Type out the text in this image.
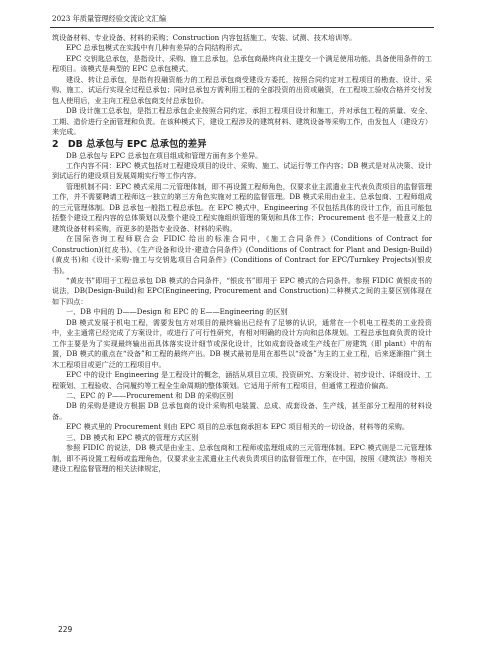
2023 年质量管理经验交流论文汇编

筑设备材料、专业设备、材料的采购；Construction 内容包括施工、安装、试测、技术培训等。

EPC 总承包模式在实践中有几种有差异的合同结构形式。

EPC 交钥匙总承包，是指设计、采购、施工总承包，总承包商最终向业主提交一个满足使用功能、具备使用条件的工程项目。该模式是典型的 EPC 总承包模式。

建设、转让总承包，是指有投融资能力的工程总承包商受建设方委托，按照合同约定对工程项目的勘查、设计、采购、施工、试运行实现全过程总承包；同时总承包方需利用工程的全部投资的出资或融资，在工程竣工验收合格并交付发包人使用后，业主向工程总承包商支付总承包价。

DB 设计施工总承包，是指工程总承包企业按照合同约定，承担工程项目设计和施工，并对承包工程的质量、安全、工期、造价进行全面管理和负责。在该种模式下，建设工程涉及的建筑材料、建筑设备等采购工作，由发包人（建设方）来完成。

2　DB 总承包与 EPC 总承包的差异

DB 总承包与 EPC 总承包在项目组成和管理方面有多个差异。

工作内容不同：EPC 模式包括对工程建设项目的设计、采购、施工、试运行等工作内容；DB 模式是对从决策、设计到试运行的建设项目发展周期实行等工作内容。

管理机制不同：EPC 模式采用二元管理体制，即不再设置工程师角色，仅要求业主派遣业主代表负责项目的监督管理工作，并不需要聘请工程师这一独立的第三方角色实施对工程的监督管理。DB 模式采用由业主、总承包商、工程师组成的三元管理体制。DB 总承包一般指工程总承包。在 EPC 模式中，Engineering 不仅包括具体的设计工作，而且可能包括整个建设工程内容的总体策划以及整个建设工程实施组织管理的策划和具体工作；Procurement 也不是一般意义上的建筑设备材料采购，而更多的是指专业设备、材料的采购。

在国际咨询工程师联合会 FIDIC 给出的标准合同中，《施工合同条件》(Conditions of Contract for Construction)(红皮书)、《生产设备和设计-建造合同条件》(Conditions of Contract for Plant and Design-Build)(黄皮书)和《设计-采购-施工与交钥匙项目合同条件》(Conditions of Contract for EPC/Turnkey Projects)(银皮书)。

“黄皮书”即用于工程总承包 DB 模式的合同条件，“银皮书”即用于 EPC 模式的合同条件。参照 FIDIC 黄银皮书的说法，DB(Design-Build)和 EPC(Engineering, Procurement and Construction)二种模式之间的主要区别体现在如下四点：

一、DB 中间的 D——Design 和 EPC 的 E——Engineering 的区别

DB 模式发展于机电工程，需要发包方对项目的最终输出已经有了足够的认识，通常在一个机电工程类的工业投资中，业主通常已经完成了方案设计，或进行了可行性研究，有相对明确的设计方向和总体规划。工程总承包商负责的设计工作主要是为了实现最终输出而具体落实设计细节或深化设计，比如成套设备或生产线在厂房建筑（即 plant）中的布置，DB 模式的重点在“设备”和工程的最终产出。DB 模式最初是用在那些以“设备”为主的工业工程，后来逐渐推广到土木工程项目或更广泛的工程项目中。

EPC 中的设计 Engineering 是工程设计的概念，涵括从项目立项、投资研究、方案设计、初步设计、详细设计、工程策划、工程验收、合同履约等工程全生命周期的整体策划。它适用于所有工程项目，但通常工程造价偏高。

二、EPC 的 P——Procurement 和 DB 的采购区别

DB 的采购是建设方根据 DB 总承包商的设计采购机电装置、总成、成套设备、生产线，甚至部分工程用的材料设备。

EPC 模式里的 Procurement 则由 EPC 项目的总承包商承担本 EPC 项目相关的一切设备、材料等的采购。

三、DB 模式和 EPC 模式的管理方式区别

参照 FIDIC 的说法，DB 模式是由业主、总承包商和工程师或监理组成的三元管理体制。EPC 模式则是二元管理体制，即不再设置工程师或监理角色，仅要求业主派遣业主代表负责项目的监督管理工作，在中国，按照《建筑法》等相关建设工程监督管理的相关法律规定，

229
